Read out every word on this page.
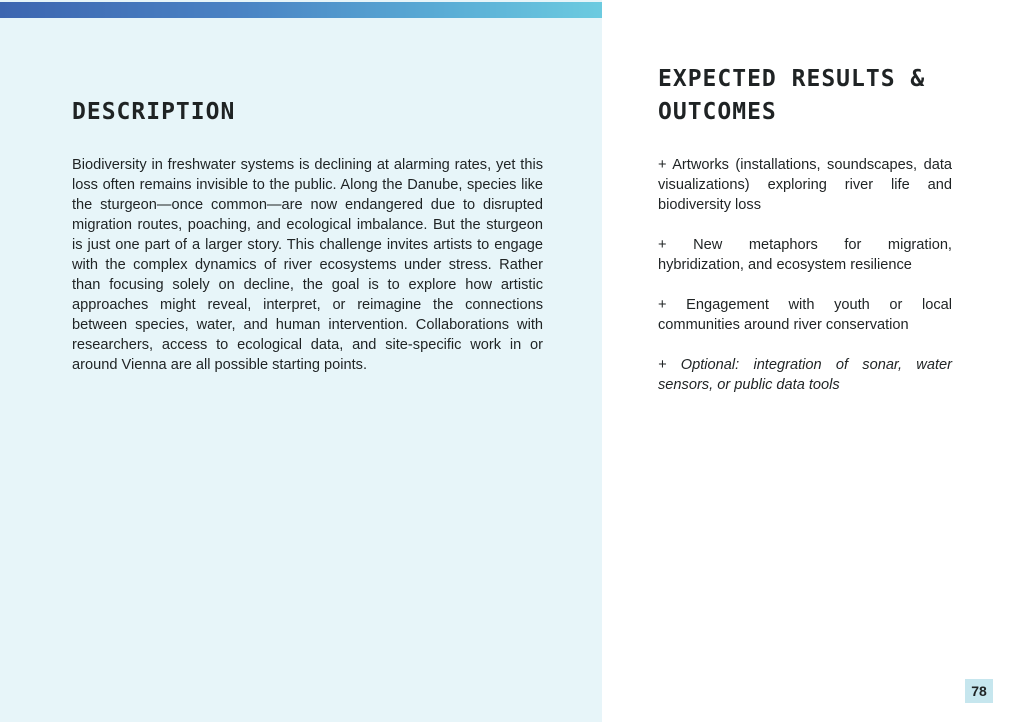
DESCRIPTION

Biodiversity in freshwater systems is declining at alarming rates, yet this loss often remains invisible to the public. Along the Danube, species like the sturgeon—once common—are now endangered due to disrupted migration routes, poaching, and ecological imbalance. But the sturgeon is just one part of a larger story. This challenge invites artists to engage with the complex dynamics of river ecosystems under stress. Rather than focusing solely on decline, the goal is to explore how artistic approaches might reveal, interpret, or reimagine the connections between species, water, and human intervention. Collaborations with researchers, access to ecological data, and site-specific work in or around Vienna are all possible starting points.

EXPECTED RESULTS & OUTCOMES
+ Artworks (installations, soundscapes, data visualizations) exploring river life and biodiversity loss
+ New metaphors for migration, hybridization, and ecosystem resilience
+ Engagement with youth or local communities around river conservation
+ Optional: integration of sonar, water sensors, or public data tools
78
